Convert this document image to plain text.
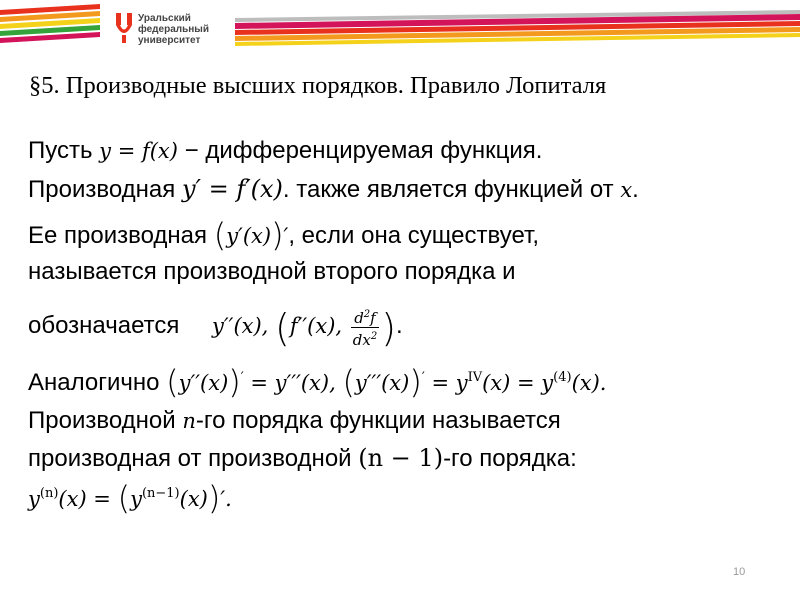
Уральский
федеральный
университет
§5. Производные высших порядков. Правило Лопиталя
Пусть y = f(x) − дифференцируемая функция.
Производная y′ = f′(x). также является функцией от x.
Ее производная (y′(x))′, если она существует,
называется производной второго порядка и
обозначается y′′(x), (f′′(x), $\frac{d^2f}{dx^2}$ ).
Аналогично (y′′(x))′ = y′′′(x), $(y'''(x))' = y^{IV}(x) = y^{(4)}(x)$.
Производной n-го порядка функции называется
производная от производной (n − 1)-го порядка:
$y^{(n)}(x) = (y^{(n-1)}(x))'$.
10
